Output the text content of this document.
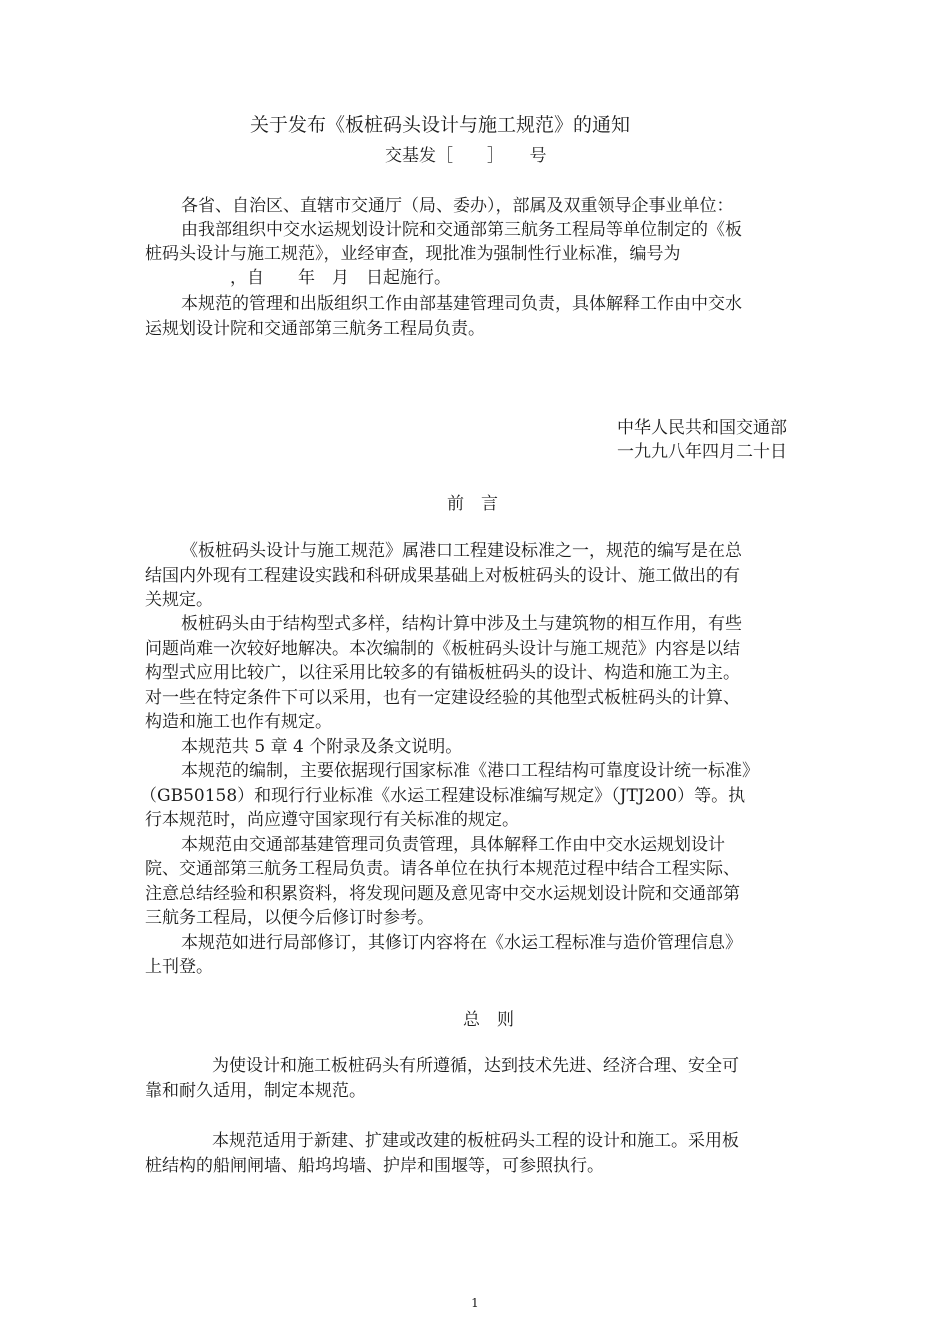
关于发布《板桩码头设计与施工规范》的通知
交基发［　　］　　号
各省、自治区、直辖市交通厅（局、委办），部属及双重领导企事业单位：
由我部组织中交水运规划设计院和交通部第三航务工程局等单位制定的《板
桩码头设计与施工规范》，业经审查，现批准为强制性行业标准，编号为
，自　　年　月　日起施行。
本规范的管理和出版组织工作由部基建管理司负责，具体解释工作由中交水
运规划设计院和交通部第三航务工程局负责。
中华人民共和国交通部
一九九八年四月二十日
前　言
《板桩码头设计与施工规范》属港口工程建设标准之一，规范的编写是在总
结国内外现有工程建设实践和科研成果基础上对板桩码头的设计、施工做出的有
关规定。
板桩码头由于结构型式多样，结构计算中涉及土与建筑物的相互作用，有些
问题尚难一次较好地解决。本次编制的《板桩码头设计与施工规范》内容是以结
构型式应用比较广，以往采用比较多的有锚板桩码头的设计、构造和施工为主。
对一些在特定条件下可以采用，也有一定建设经验的其他型式板桩码头的计算、
构造和施工也作有规定。
本规范共 5 章 4 个附录及条文说明。
本规范的编制，主要依据现行国家标准《港口工程结构可靠度设计统一标准》
（GB50158）和现行行业标准《水运工程建设标准编写规定》（JTJ200）等。执
行本规范时，尚应遵守国家现行有关标准的规定。
本规范由交通部基建管理司负责管理，具体解释工作由中交水运规划设计
院、交通部第三航务工程局负责。请各单位在执行本规范过程中结合工程实际、
注意总结经验和积累资料，将发现问题及意见寄中交水运规划设计院和交通部第
三航务工程局，以便今后修订时参考。
本规范如进行局部修订，其修订内容将在《水运工程标准与造价管理信息》
上刊登。
总　则
为使设计和施工板桩码头有所遵循，达到技术先进、经济合理、安全可
靠和耐久适用，制定本规范。
本规范适用于新建、扩建或改建的板桩码头工程的设计和施工。采用板
桩结构的船闸闸墙、船坞坞墙、护岸和围堰等，可参照执行。
1
